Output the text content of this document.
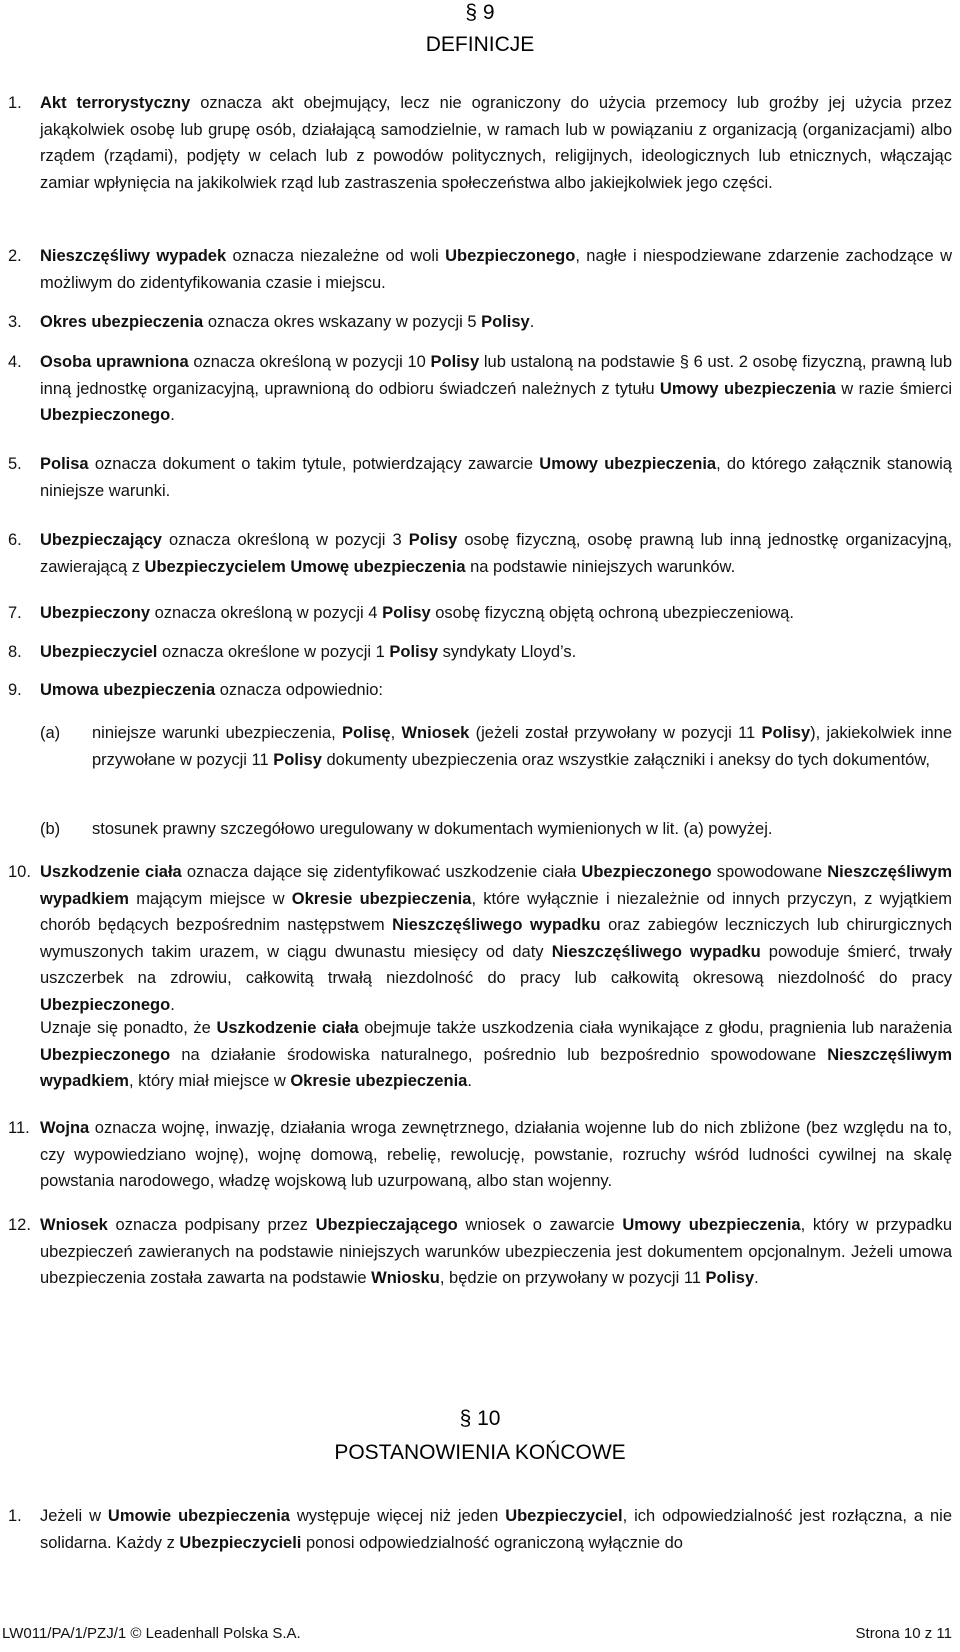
§ 9
DEFINICJE
1. Akt terrorystyczny oznacza akt obejmujący, lecz nie ograniczony do użycia przemocy lub groźby jej użycia przez jakąkolwiek osobę lub grupę osób, działającą samodzielnie, w ramach lub w powiązaniu z organizacją (organizacjami) albo rządem (rządami), podjęty w celach lub z powodów politycznych, religijnych, ideologicznych lub etnicznych, włączając zamiar wpłynięcia na jakikolwiek rząd lub zastraszenia społeczeństwa albo jakiejkolwiek jego części.
2. Nieszczęśliwy wypadek oznacza niezależne od woli Ubezpieczonego, nagłe i niespodziewane zdarzenie zachodzące w możliwym do zidentyfikowania czasie i miejscu.
3. Okres ubezpieczenia oznacza okres wskazany w pozycji 5 Polisy.
4. Osoba uprawniona oznacza określoną w pozycji 10 Polisy lub ustaloną na podstawie § 6 ust. 2 osobę fizyczną, prawną lub inną jednostkę organizacyjną, uprawnioną do odbioru świadczeń należnych z tytułu Umowy ubezpieczenia w razie śmierci Ubezpieczonego.
5. Polisa oznacza dokument o takim tytule, potwierdzający zawarcie Umowy ubezpieczenia, do którego załącznik stanowią niniejsze warunki.
6. Ubezpieczający oznacza określoną w pozycji 3 Polisy osobę fizyczną, osobę prawną lub inną jednostkę organizacyjną, zawierającą z Ubezpieczycielem Umowę ubezpieczenia na podstawie niniejszych warunków.
7. Ubezpieczony oznacza określoną w pozycji 4 Polisy osobę fizyczną objętą ochroną ubezpieczeniową.
8. Ubezpieczyciel oznacza określone w pozycji 1 Polisy syndykaty Lloyd’s.
9. Umowa ubezpieczenia oznacza odpowiednio:
(a) niniejsze warunki ubezpieczenia, Polisę, Wniosek (jeżeli został przywołany w pozycji 11 Polisy), jakiekolwiek inne przywołane w pozycji 11 Polisy dokumenty ubezpieczenia oraz wszystkie załączniki i aneksy do tych dokumentów,
(b) stosunek prawny szczegółowo uregulowany w dokumentach wymienionych w lit. (a) powyżej.
10. Uszkodzenie ciała oznacza dające się zidentyfikować uszkodzenie ciała Ubezpieczonego spowodowane Nieszczęśliwym wypadkiem mającym miejsce w Okresie ubezpieczenia, które wyłącznie i niezależnie od innych przyczyn, z wyjątkiem chorób będących bezpośrednim następstwem Nieszczęśliwego wypadku oraz zabiegów leczniczych lub chirurgicznych wymuszonych takim urazem, w ciągu dwunastu miesięcy od daty Nieszczęśliwego wypadku powoduje śmierć, trwały uszczerbek na zdrowiu, całkowitą trwałą niezdolność do pracy lub całkowitą okresową niezdolność do pracy Ubezpieczonego.
Uznaje się ponadto, że Uszkodzenie ciała obejmuje także uszkodzenia ciała wynikające z głodu, pragnienia lub narażenia Ubezpieczonego na działanie środowiska naturalnego, pośrednio lub bezpośrednio spowodowane Nieszczęśliwym wypadkiem, który miał miejsce w Okresie ubezpieczenia.
11. Wojna oznacza wojnę, inwazję, działania wroga zewnętrznego, działania wojenne lub do nich zbliżone (bez względu na to, czy wypowiedziano wojnę), wojnę domową, rebelię, rewolucję, powstanie, rozruchy wśród ludności cywilnej na skalę powstania narodowego, władzę wojskową lub uzurpowaną, albo stan wojenny.
12. Wniosek oznacza podpisany przez Ubezpieczającego wniosek o zawarcie Umowy ubezpieczenia, który w przypadku ubezpieczeń zawieranych na podstawie niniejszych warunków ubezpieczenia jest dokumentem opcjonalnym. Jeżeli umowa ubezpieczenia została zawarta na podstawie Wniosku, będzie on przywołany w pozycji 11 Polisy.
§ 10
POSTANOWIENIA KOŃCOWE
1. Jeżeli w Umowie ubezpieczenia występuje więcej niż jeden Ubezpieczyciel, ich odpowiedzialność jest rozłączna, a nie solidarna. Każdy z Ubezpieczycieli ponosi odpowiedzialność ograniczoną wyłącznie do
LW011/PA/1/PZJ/1 © Leadenhall Polska S.A.	Strona 10 z 11
